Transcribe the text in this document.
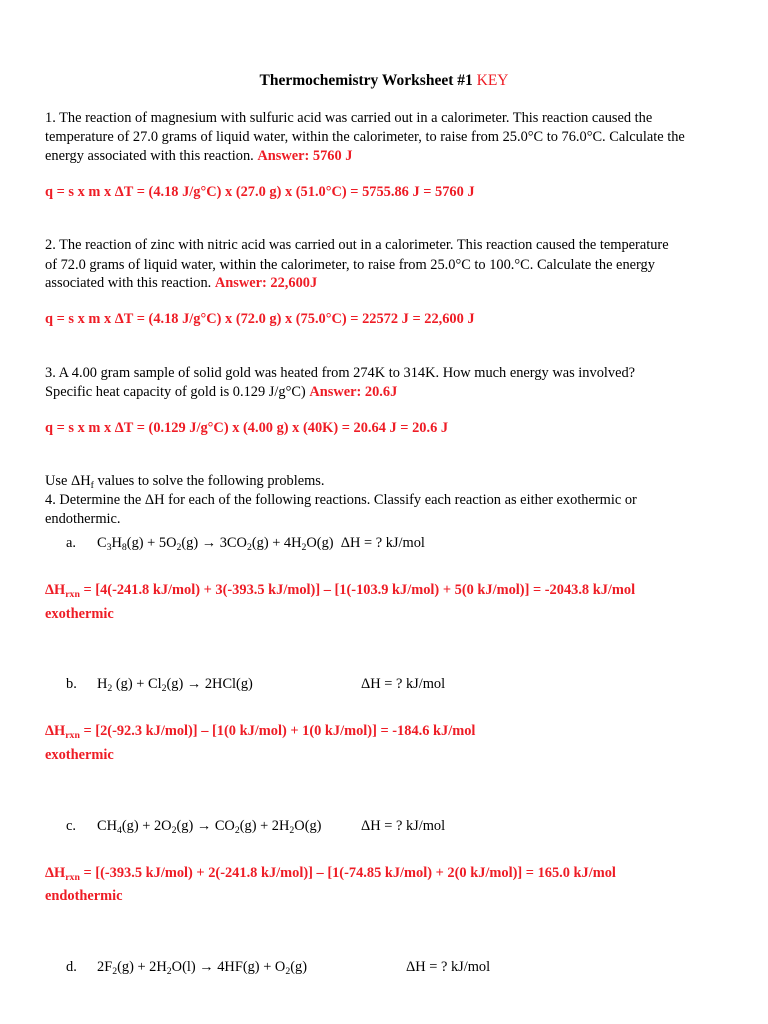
Thermochemistry Worksheet #1 KEY
1. The reaction of magnesium with sulfuric acid was carried out in a calorimeter. This reaction caused the
temperature of 27.0 grams of liquid water, within the calorimeter, to raise from 25.0°C to 76.0°C. Calculate the
energy associated with this reaction. Answer: 5760 J
q = s x m x ΔT = (4.18 J/g°C) x (27.0 g) x (51.0°C) = 5755.86 J = 5760 J
2. The reaction of zinc with nitric acid was carried out in a calorimeter. This reaction caused the temperature
of 72.0 grams of liquid water, within the calorimeter, to raise from 25.0°C to 100.°C. Calculate the energy
associated with this reaction. Answer: 22,600J
q = s x m x ΔT = (4.18 J/g°C) x (72.0 g) x (75.0°C) = 22572 J = 22,600 J
3. A 4.00 gram sample of solid gold was heated from 274K to 314K. How much energy was involved?
Specific heat capacity of gold is 0.129 J/g°C) Answer: 20.6J
q = s x m x ΔT = (0.129 J/g°C) x (4.00 g) x (40K) = 20.64 J = 20.6 J
Use $\Delta H_f$ values to solve the following problems.
4. Determine the ΔH for each of the following reactions. Classify each reaction as either exothermic or
endothermic.
a. $C_3H_8(g) + 5O_2(g) \to 3CO_2(g) + 4H_2O(g) \Delta H$ = ? kJ/mol
$\Delta H_{rxn} = [4(-241.8$ kJ/mol) + 3(-393.5 kJ/mol)] – [1(-103.9 kJ/mol) + 5(0 kJ/mol)] = -2043.8 kJ/mol
exothermic
b. $H_2$ $(g) + Cl_2(g) \to 2HCl(g)$	ΔH = ? kJ/mol
$\Delta H_{rxn} = [2(-92.3$ kJ/mol)] – [1(0 kJ/mol) + 1(0 kJ/mol)] = -184.6 kJ/mol
exothermic
c. $CH_4(g) + 2O_2(g) \to CO_2(g) + 2H_2O(g)$	ΔH = ? kJ/mol
$\Delta H_{rxn} = [(-393.5$ kJ/mol) + 2(-241.8 kJ/mol)] – [1(-74.85 kJ/mol) + 2(0 kJ/mol)] = 165.0 kJ/mol
endothermic
d. $2F_2(g) + 2H_2O(l) \to 4HF(g) + O_2(g)$	ΔH = ? kJ/mol
